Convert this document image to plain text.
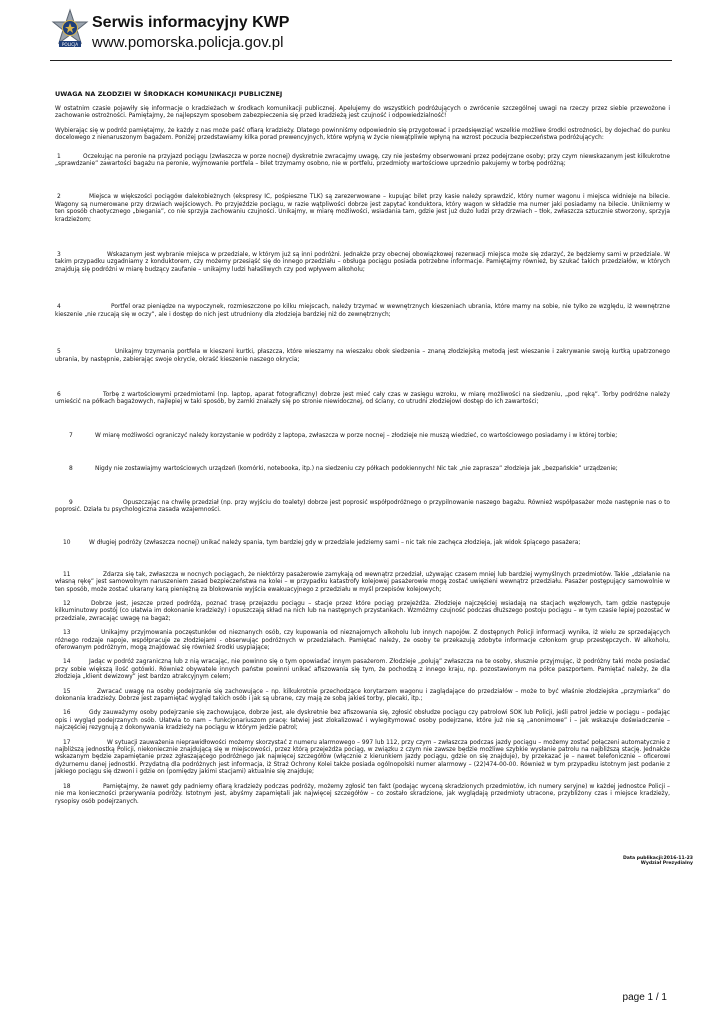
POLICJA
Serwis informacyjny KWP
www.pomorska.policja.gov.pl
UWAGA NA ZŁODZIEI W ŚRODKACH KOMUNIKACJI PUBLICZNEJ

W ostatnim czasie pojawiły się informacje o kradzieżach w środkach komunikacji publicznej. Apelujemy do wszystkich podróżujących o zwrócenie szczególnej uwagi na rzeczy przez siebie przewożone i zachowanie ostrożności. Pamiętajmy, że najlepszym sposobem zabezpieczenia się przed kradzieżą jest czujność i odpowiedzialność!

Wybierając się w podróż pamiętajmy, że każdy z nas może paść ofiarą kradzieży. Dlatego powinniśmy odpowiednio się przygotować i przedsięwziąć wszelkie możliwe środki ostrożności, by dojechać do punku docelowego z nienaruszonym bagażem. Poniżej przedstawiamy kilka porad prewencyjnych, które wpłyną w życie niewątpliwie wpłyną na wzrost poczucia bezpieczeństwa podróżujących:

1	Oczekując na peronie na przyjazd pociągu (zwłaszcza w porze nocnej) dyskretnie zwracajmy uwagę, czy nie jesteśmy obserwowani przez podejrzane osoby; przy czym niewskazanym jest kilkukrotne „sprawdzanie” zawartości bagażu na peronie, wyjmowanie portfela – bilet trzymamy osobno, nie w portfelu, przedmioty wartościowe uprzednio pakujemy w torbę podróżną;

2	Miejsca w większości pociągów dalekobieżnych (ekspresy IC, pośpieszne TLK) są zarezerwowane – kupując bilet przy kasie należy sprawdzić, który numer wagonu i miejsca widnieje na bilecie. Wagony są numerowane przy drzwiach wejściowych. Po przyjeździe pociągu, w razie wątpliwości dobrze jest zapytać konduktora, który wagon w składzie ma numer jaki posiadamy na bilecie. Unikniemy w ten sposób chaotycznego „biegania”, co nie sprzyja zachowaniu czujności. Unikajmy, w miarę możliwości, wsiadania tam, gdzie jest już dużo ludzi przy drzwiach – tłok, zwłaszcza sztucznie stworzony, sprzyja kradzieżom;

3	Wskazanym jest wybranie miejsca w przedziale, w którym już są inni podróżni. Jednakże przy obecnej obowiązkowej rezerwacji miejsca może się zdarzyć, że będziemy sami w przedziale. W takim przypadku uzgadniamy z konduktorem, czy możemy przesiąść się do innego przedziału – obsługa pociągu posiada potrzebne informacje. Pamiętajmy również, by szukać takich przedziałów, w których znajdują się podróżni w miarę budzący zaufanie – unikajmy ludzi hałaśliwych czy pod wpływem alkoholu;

4	Portfel oraz pieniądze na wypoczynek, rozmieszczone po kilku miejscach, należy trzymać w wewnętrznych kieszeniach ubrania, które mamy na sobie, nie tylko ze względu, iż wewnętrzne kieszenie „nie rzucają się w oczy”, ale i dostęp do nich jest utrudniony dla złodzieja bardziej niż do zewnętrznych;

5	Unikajmy trzymania portfela w kieszeni kurtki, płaszcza, które wieszamy na wieszaku obok siedzenia – znaną złodziejską metodą jest wieszanie i zakrywanie swoją kurtką upatrzonego ubrania, by następnie, zabierając swoje okrycie, okraść kieszenie naszego okrycia;

6	Torbę z wartościowymi przedmiotami (np. laptop, aparat fotograficzny) dobrze jest mieć cały czas w zasięgu wzroku, w miarę możliwości na siedzeniu, „pod ręką”. Torby podróżne należy umieścić na półkach bagażowych, najlepiej w taki sposób, by zamki znalazły się po stronie niewidocznej, od ściany, co utrudni złodziejowi dostęp do ich zawartości;

7	W miarę możliwości ograniczyć należy korzystanie w podróży z laptopa, zwłaszcza w porze nocnej – złodzieje nie muszą wiedzieć, co wartościowego posiadamy i w której torbie;

8	Nigdy nie zostawiajmy wartościowych urządzeń (komórki, notebooka, itp.) na siedzeniu czy półkach podokiennych! Nic tak „nie zaprasza” złodzieja jak „bezpańskie” urządzenie;

9	Opuszczając na chwilę przedział (np. przy wyjściu do toalety) dobrze jest poprosić współpodróżnego o przypilnowanie naszego bagażu. Również współpasażer może następnie nas o to poprosić. Działa tu psychologiczna zasada wzajemności.

10	W długiej podróży (zwłaszcza nocnej) unikać należy spania, tym bardziej gdy w przedziale jedziemy sami – nic tak nie zachęca złodzieja, jak widok śpiącego pasażera;

11	Zdarza się tak, zwłaszcza w nocnych pociągach, że niektórzy pasażerowie zamykają od wewnątrz przedział, używając czasem mniej lub bardziej wymyślnych przedmiotów. Takie „działanie na własną rękę” jest samowolnym naruszeniem zasad bezpieczeństwa na kolei – w przypadku katastrofy kolejowej pasażerowie mogą zostać uwięzieni wewnątrz przedziału. Pasażer postępujący samowolnie w ten sposób, może zostać ukarany karą pieniężną za blokowanie wyjścia ewakuacyjnego z przedziału w myśl przepisów kolejowych;

12	Dobrze jest, jeszcze przed podróżą, poznać trasę przejazdu pociągu – stacje przez które pociąg przejeżdża. Złodzieje najczęściej wsiadają na stacjach węzłowych, tam gdzie następuje kilkuminutowy postój (co ułatwia im dokonanie kradzieży) i opuszczają skład na nich lub na następnych przystankach. Wzmóżmy czujność podczas dłuższego postoju pociągu – w tym czasie lepiej pozostać w przedziale, zwracając uwagę na bagaż;

13	Unikajmy przyjmowania poczęstunków od nieznanych osób, czy kupowania od nieznajomych alkoholu lub innych napojów. Z dostępnych Policji informacji wynika, iż wielu ze sprzedających różnego rodzaje napoje, współpracuje ze złodziejami - obserwując podróżnych w przedziałach. Pamiętać należy, że osoby te przekazują zdobyte informacje członkom grup przestępczych. W alkoholu, oferowanym podróżnym, mogą znajdować się również środki usypiające;

14	Jadąc w podróż zagraniczną lub z nią wracając, nie powinno się o tym opowiadać innym pasażerom. Złodzieje „polują” zwłaszcza na te osoby, słusznie przyjmując, iż podróżny taki może posiadać przy sobie większą ilość gotówki. Również obywatele innych państw powinni unikać afiszowania się tym, że pochodzą z innego kraju, np. pozostawionym na półce paszportem. Pamiętać należy, że dla złodzieja „klient dewizowy” jest bardzo atrakcyjnym celem;

15	Zwracać uwagę na osoby podejrzanie się zachowujące – np. kilkukrotnie przechodzące korytarzem wagonu i zaglądające do przedziałów – może to być właśnie złodziejska „przymiarka” do dokonania kradzieży. Dobrze jest zapamiętać wygląd takich osób i jak są ubrane, czy mają ze sobą jakieś torby, plecaki, itp.;

16	Gdy zauważymy osoby podejrzanie się zachowujące, dobrze jest, ale dyskretnie bez afiszowania się, zgłosić obsłudze pociągu czy patrolowi SOK lub Policji, jeśli patrol jedzie w pociągu – podając opis i wygląd podejrzanych osób. Ułatwia to nam – funkcjonariuszom pracę: łatwiej jest zlokalizować i wylegitymować osoby podejrzane, które już nie są „anonimowe” i – jak wskazuje doświadczenie – najczęściej rezygnują z dokonywania kradzieży na pociągu w którym jedzie patrol;

17	W sytuacji zauważenia nieprawidłowości możemy skorzystać z numeru alarmowego – 997 lub 112, przy czym – zwłaszcza podczas jazdy pociągu – możemy zostać połączeni automatycznie z najbliższą jednostką Policji, niekoniecznie znajdującą się w miejscowości, przez którą przejeżdża pociąg, w związku z czym nie zawsze będzie możliwe szybkie wysłanie patrolu na najbliższą stację. Jednakże wskazanym będzie zapamiętanie przez zgłaszającego podróżnego jak najwięcej szczegółów (włącznie z kierunkiem jazdy pociągu, gdzie on się znajduje), by przekazać je – nawet telefonicznie – oficerowi dyżurnemu danej jednostki. Przydatną dla podróżnych jest informacja, iż Straż Ochrony Kolei także posiada ogólnopolski numer alarmowy – (22)474-00-00. Również w tym przypadku istotnym jest podanie z jakiego pociągu się dzwoni i gdzie on (pomiędzy jakimi stacjami) aktualnie się znajduje;

18	Pamiętajmy, że nawet gdy padniemy ofiarą kradzieży podczas podróży, możemy zgłosić ten fakt (podając wyceną skradzionych przedmiotów, ich numery seryjne) w każdej jednostce Policji – nie ma konieczności przerywania podróży. Istotnym jest, abyśmy zapamiętali jak najwięcej szczegółów – co zostało skradzione, jak wyglądają przedmioty utracone, przybliżony czas i miejsce kradzieży, rysopisy osób podejrzanych.

Data publikacji:2016-11-23
Wydział Prezydialny
page 1 / 1
